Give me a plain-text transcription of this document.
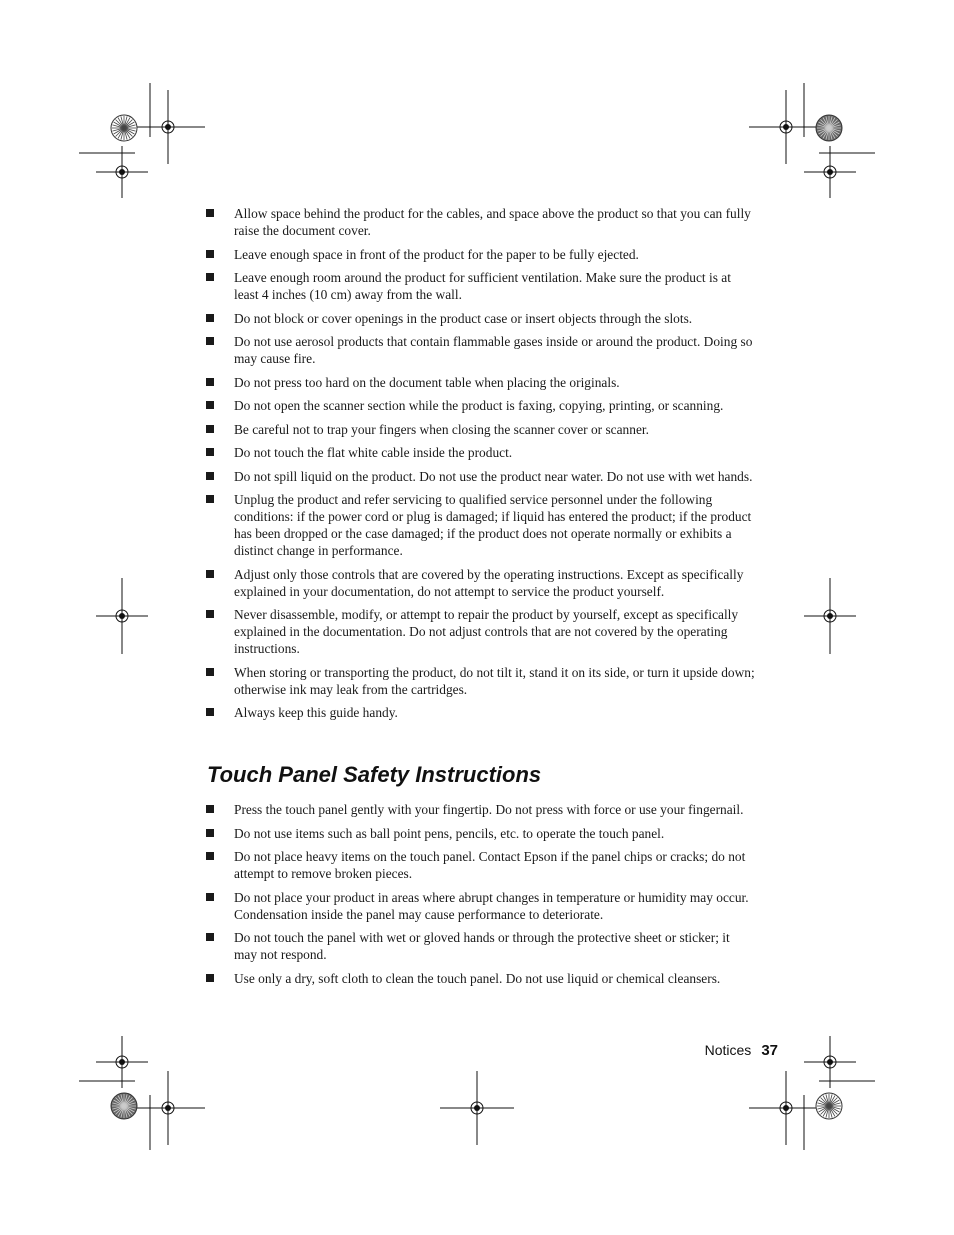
Allow space behind the product for the cables, and space above the product so that you can fully raise the document cover.
Leave enough space in front of the product for the paper to be fully ejected.
Leave enough room around the product for sufficient ventilation. Make sure the product is at least 4 inches (10 cm) away from the wall.
Do not block or cover openings in the product case or insert objects through the slots.
Do not use aerosol products that contain flammable gases inside or around the product. Doing so may cause fire.
Do not press too hard on the document table when placing the originals.
Do not open the scanner section while the product is faxing, copying, printing, or scanning.
Be careful not to trap your fingers when closing the scanner cover or scanner.
Do not touch the flat white cable inside the product.
Do not spill liquid on the product. Do not use the product near water. Do not use with wet hands.
Unplug the product and refer servicing to qualified service personnel under the following conditions: if the power cord or plug is damaged; if liquid has entered the product; if the product has been dropped or the case damaged; if the product does not operate normally or exhibits a distinct change in performance.
Adjust only those controls that are covered by the operating instructions. Except as specifically explained in your documentation, do not attempt to service the product yourself.
Never disassemble, modify, or attempt to repair the product by yourself, except as specifically explained in the documentation. Do not adjust controls that are not covered by the operating instructions.
When storing or transporting the product, do not tilt it, stand it on its side, or turn it upside down; otherwise ink may leak from the cartridges.
Always keep this guide handy.
Touch Panel Safety Instructions
Press the touch panel gently with your fingertip. Do not press with force or use your fingernail.
Do not use items such as ball point pens, pencils, etc. to operate the touch panel.
Do not place heavy items on the touch panel. Contact Epson if the panel chips or cracks; do not attempt to remove broken pieces.
Do not place your product in areas where abrupt changes in temperature or humidity may occur. Condensation inside the panel may cause performance to deteriorate.
Do not touch the panel with wet or gloved hands or through the protective sheet or sticker; it may not respond.
Use only a dry, soft cloth to clean the touch panel. Do not use liquid or chemical cleansers.
Notices 37
